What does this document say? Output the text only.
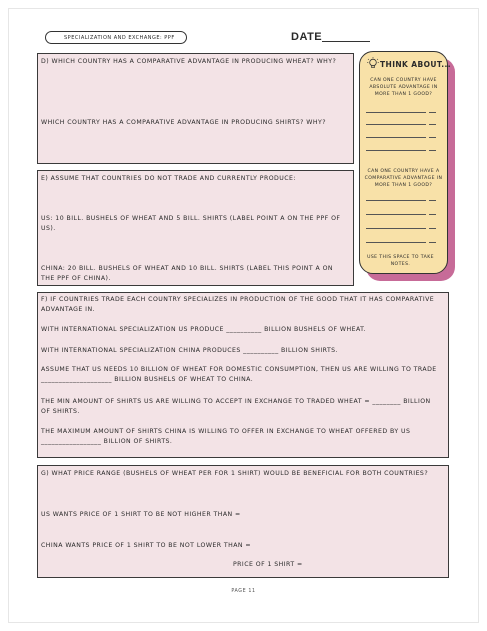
SPECIALIZATION AND EXCHANGE: PPF	DATE
D) WHICH COUNTRY HAS A COMPARATIVE ADVANTAGE IN PRODUCING WHEAT? WHY?
WHICH COUNTRY HAS A COMPARATIVE ADVANTAGE IN PRODUCING SHIRTS? WHY?
E) ASSUME THAT COUNTRIES DO NOT TRADE AND CURRENTLY PRODUCE:
US: 10 BILL. BUSHELS OF WHEAT AND 5 BILL. SHIRTS (LABEL POINT A ON THE PPF OF US).
CHINA: 20 BILL. BUSHELS OF WHEAT AND 10 BILL. SHIRTS (LABEL THIS POINT A ON THE PPF OF CHINA).
THINK ABOUT...
CAN ONE COUNTRY HAVE ABSOLUTE ADVANTAGE IN MORE THAN 1 GOOD?
CAN ONE COUNTRY HAVE A COMPARATIVE ADVANTAGE IN MORE THAN 1 GOOD?
USE THIS SPACE TO TAKE NOTES.
F) IF COUNTRIES TRADE EACH COUNTRY SPECIALIZES IN PRODUCTION OF THE GOOD THAT IT HAS COMPARATIVE ADVANTAGE IN.
WITH INTERNATIONAL SPECIALIZATION US PRODUCE __________ BILLION BUSHELS OF WHEAT.
WITH INTERNATIONAL SPECIALIZATION CHINA PRODUCES __________ BILLION SHIRTS.
ASSUME THAT US NEEDS 10 BILLION OF WHEAT FOR DOMESTIC CONSUMPTION, THEN US ARE WILLING TO TRADE ____________________ BILLION BUSHELS OF WHEAT TO CHINA.
THE MIN AMOUNT OF SHIRTS US ARE WILLING TO ACCEPT IN EXCHANGE TO TRADED WHEAT = ________ BILLION OF SHIRTS.
THE MAXIMUM AMOUNT OF SHIRTS CHINA IS WILLING TO OFFER IN EXCHANGE TO WHEAT OFFERED BY US _________________ BILLION OF SHIRTS.
G) WHAT PRICE RANGE (BUSHELS OF WHEAT PER FOR 1 SHIRT) WOULD BE BENEFICIAL FOR BOTH COUNTRIES?
US WANTS PRICE OF 1 SHIRT TO BE NOT HIGHER THAN =
CHINA WANTS PRICE OF 1 SHIRT TO BE NOT LOWER THAN =
PRICE OF 1 SHIRT =
PAGE 11
